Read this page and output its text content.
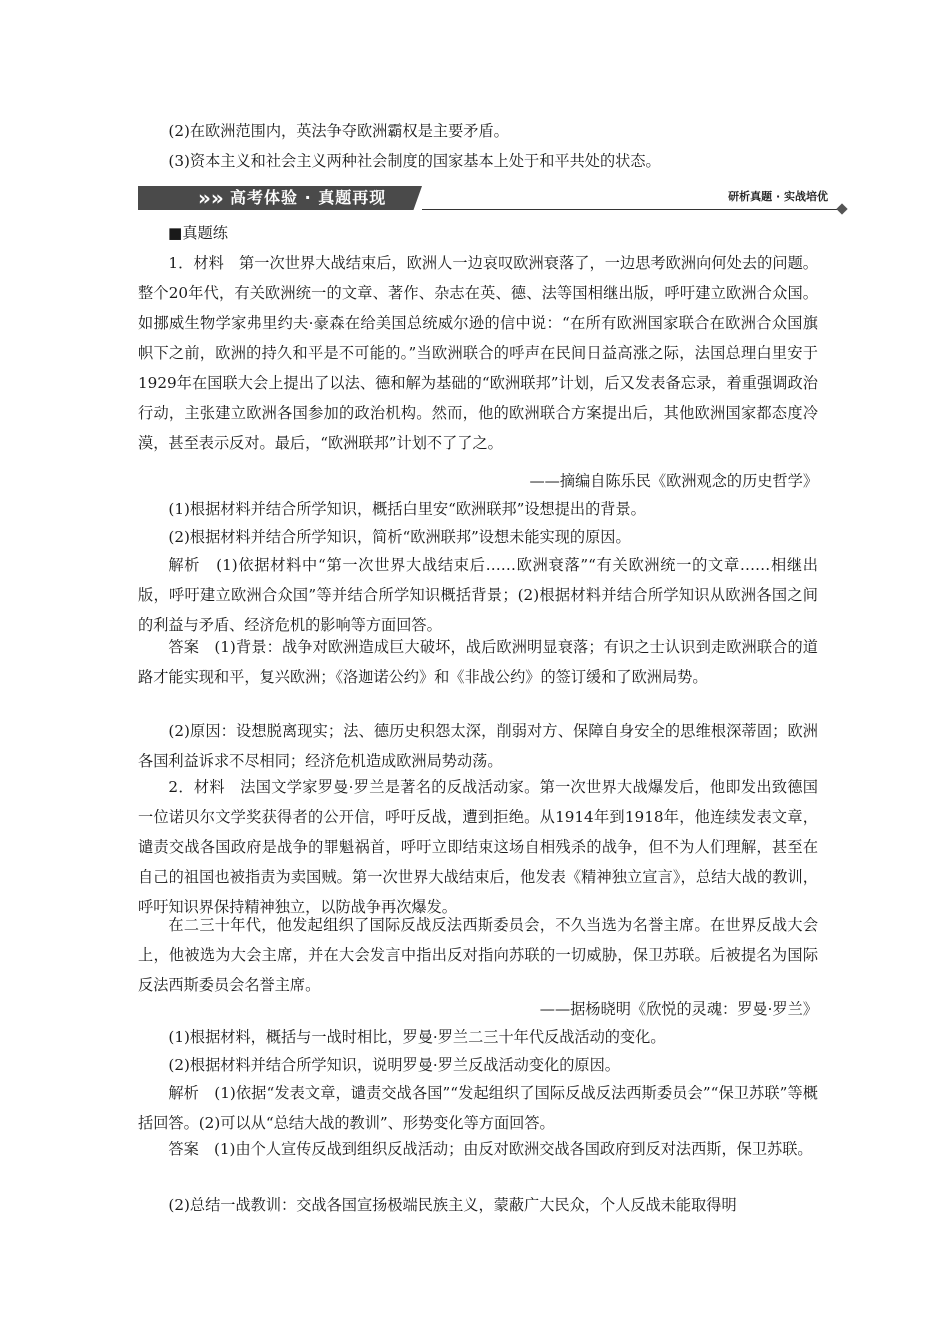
(2)在欧洲范围内，英法争夺欧洲霸权是主要矛盾。

(3)资本主义和社会主义两种社会制度的国家基本上处于和平共处的状态。

»» 高考体验 · 真题再现	研析真题 · 实战培优

■真题练

1．材料　第一次世界大战结束后，欧洲人一边哀叹欧洲衰落了，一边思考欧洲向何处去的问题。整个20年代，有关欧洲统一的文章、著作、杂志在英、德、法等国相继出版，呼吁建立欧洲合众国。如挪威生物学家弗里约夫·豪森在给美国总统威尔逊的信中说：“在所有欧洲国家联合在欧洲合众国旗帜下之前，欧洲的持久和平是不可能的。”当欧洲联合的呼声在民间日益高涨之际，法国总理白里安于1929年在国联大会上提出了以法、德和解为基础的“欧洲联邦”计划，后又发表备忘录，着重强调政治行动，主张建立欧洲各国参加的政治机构。然而，他的欧洲联合方案提出后，其他欧洲国家都态度冷漠，甚至表示反对。最后，“欧洲联邦”计划不了了之。

——摘编自陈乐民《欧洲观念的历史哲学》

(1)根据材料并结合所学知识，概括白里安“欧洲联邦”设想提出的背景。

(2)根据材料并结合所学知识，简析“欧洲联邦”设想未能实现的原因。

解析　(1)依据材料中“第一次世界大战结束后……欧洲衰落”“有关欧洲统一的文章……相继出版，呼吁建立欧洲合众国”等并结合所学知识概括背景；(2)根据材料并结合所学知识从欧洲各国之间的利益与矛盾、经济危机的影响等方面回答。

答案　(1)背景：战争对欧洲造成巨大破坏，战后欧洲明显衰落；有识之士认识到走欧洲联合的道路才能实现和平，复兴欧洲；《洛迦诺公约》和《非战公约》的签订缓和了欧洲局势。

(2)原因：设想脱离现实；法、德历史积怨太深，削弱对方、保障自身安全的思维根深蒂固；欧洲各国利益诉求不尽相同；经济危机造成欧洲局势动荡。

2．材料　法国文学家罗曼·罗兰是著名的反战活动家。第一次世界大战爆发后，他即发出致德国一位诺贝尔文学奖获得者的公开信，呼吁反战，遭到拒绝。从1914年到1918年，他连续发表文章，谴责交战各国政府是战争的罪魁祸首，呼吁立即结束这场自相残杀的战争，但不为人们理解，甚至在自己的祖国也被指责为卖国贼。第一次世界大战结束后，他发表《精神独立宣言》，总结大战的教训，呼吁知识界保持精神独立，以防战争再次爆发。

在二三十年代，他发起组织了国际反战反法西斯委员会，不久当选为名誉主席。在世界反战大会上，他被选为大会主席，并在大会发言中指出反对指向苏联的一切威胁，保卫苏联。后被提名为国际反法西斯委员会名誉主席。

——据杨晓明《欣悦的灵魂：罗曼·罗兰》

(1)根据材料，概括与一战时相比，罗曼·罗兰二三十年代反战活动的变化。

(2)根据材料并结合所学知识，说明罗曼·罗兰反战活动变化的原因。

解析　(1)依据“发表文章，谴责交战各国”“发起组织了国际反战反法西斯委员会”“保卫苏联”等概括回答。(2)可以从“总结大战的教训”、形势变化等方面回答。

答案　(1)由个人宣传反战到组织反战活动；由反对欧洲交战各国政府到反对法西斯，保卫苏联。

(2)总结一战教训：交战各国宣扬极端民族主义，蒙蔽广大民众，个人反战未能取得明
